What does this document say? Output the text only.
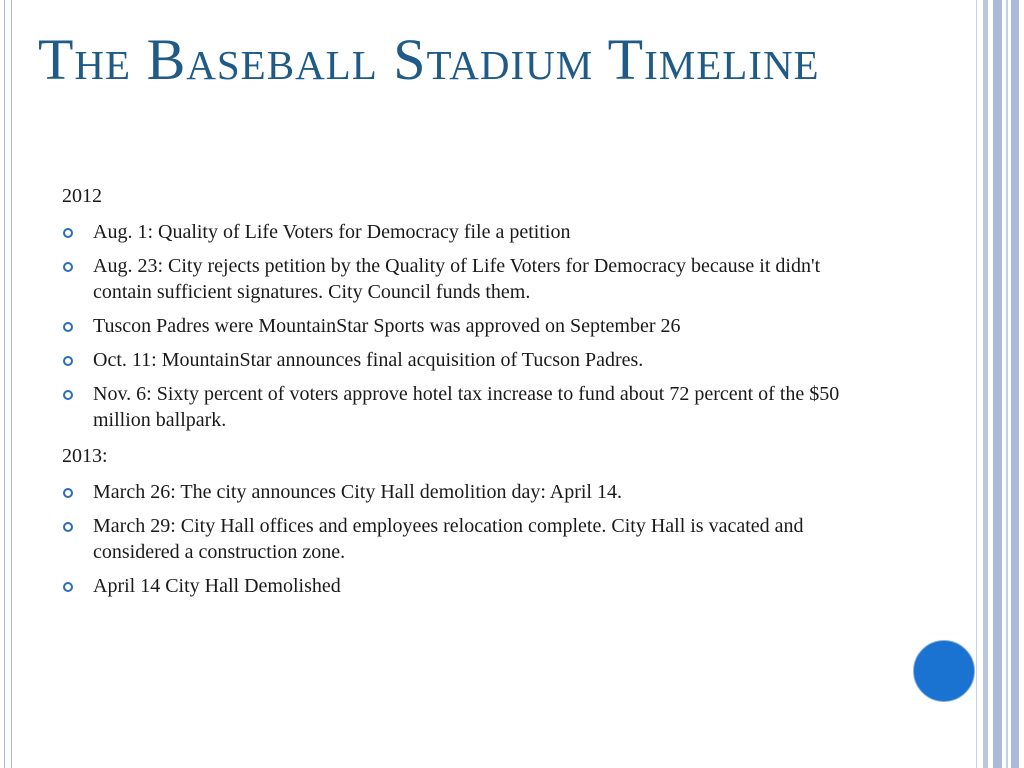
The Baseball Stadium Timeline
2012
Aug. 1: Quality of Life Voters for Democracy file a petition
Aug. 23: City rejects petition by the Quality of Life Voters for Democracy because it didn't contain sufficient signatures. City Council funds them.
Tuscon Padres were MountainStar Sports was approved on September 26
Oct. 11: MountainStar announces final acquisition of Tucson Padres.
Nov. 6: Sixty percent of voters approve hotel tax increase to fund about 72 percent of the $50 million ballpark.
2013:
March 26: The city announces City Hall demolition day: April 14.
March 29: City Hall offices and employees relocation complete. City Hall is vacated and considered a construction zone.
April 14 City Hall Demolished
